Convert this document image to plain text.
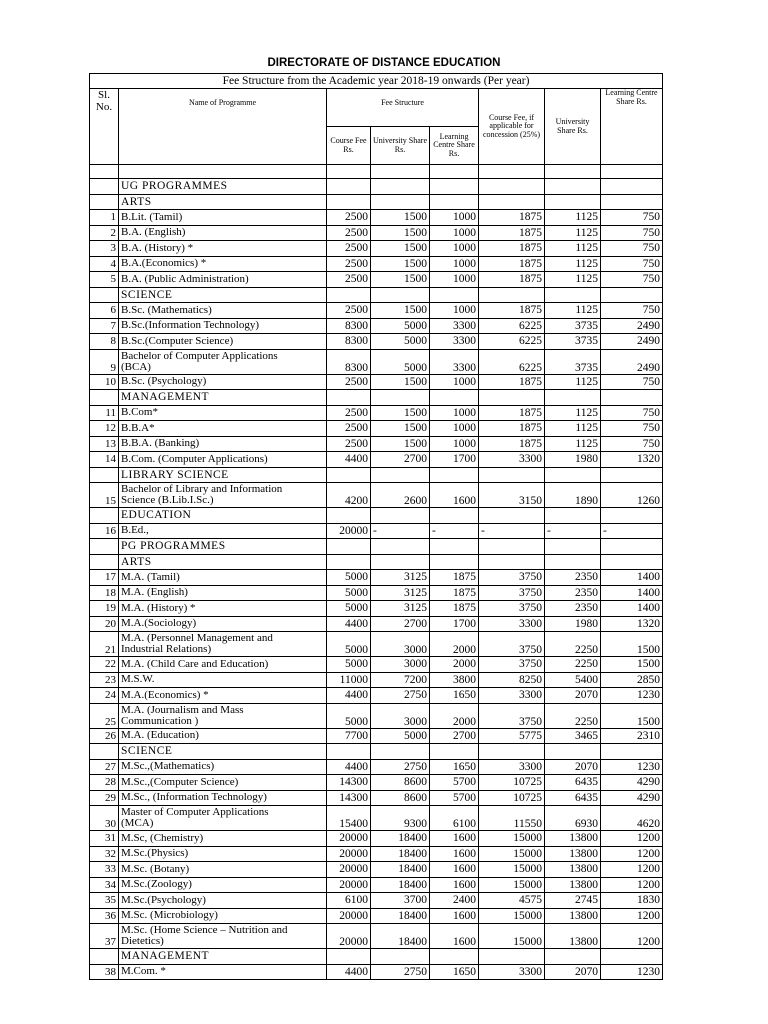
DIRECTORATE OF DISTANCE EDUCATION
Fee Structure from the Academic year 2018-19 onwards (Per year)							
Sl. No.	Name of Programme	Fee Structure			Course Fee, if applicable for concession (25%)	University Share Rs.	Learning Centre Share Rs.
		Course Fee Rs.	University Share Rs.	Learning Centre Share Rs.			

	UG PROGRAMMES						
	ARTS						
1	B.Lit. (Tamil)	2500	1500	1000	1875	1125	750
2	B.A. (English)	2500	1500	1000	1875	1125	750
3	B.A. (History) *	2500	1500	1000	1875	1125	750
4	B.A.(Economics) *	2500	1500	1000	1875	1125	750
5	B.A. (Public Administration)	2500	1500	1000	1875	1125	750
	SCIENCE						
6	B.Sc. (Mathematics)	2500	1500	1000	1875	1125	750
7	B.Sc.(Information Technology)	8300	5000	3300	6225	3735	2490
8	B.Sc.(Computer Science)	8300	5000	3300	6225	3735	2490
9	Bachelor of Computer Applications
(BCA)	8300	5000	3300	6225	3735	2490
10	B.Sc. (Psychology)	2500	1500	1000	1875	1125	750
	MANAGEMENT						
11	B.Com*	2500	1500	1000	1875	1125	750
12	B.B.A*	2500	1500	1000	1875	1125	750
13	B.B.A. (Banking)	2500	1500	1000	1875	1125	750
14	B.Com. (Computer Applications)	4400	2700	1700	3300	1980	1320
	LIBRARY SCIENCE						
15	Bachelor of Library and Information
Science (B.Lib.I.Sc.)	4200	2600	1600	3150	1890	1260
	EDUCATION						
16	B.Ed.,	20000	-	-	-	-	-
	PG PROGRAMMES						
	ARTS						
17	M.A. (Tamil)	5000	3125	1875	3750	2350	1400
18	M.A. (English)	5000	3125	1875	3750	2350	1400
19	M.A. (History) *	5000	3125	1875	3750	2350	1400
20	M.A.(Sociology)	4400	2700	1700	3300	1980	1320
21	M.A. (Personnel Management and
Industrial Relations)	5000	3000	2000	3750	2250	1500
22	M.A. (Child Care and Education)	5000	3000	2000	3750	2250	1500
23	M.S.W.	11000	7200	3800	8250	5400	2850
24	M.A.(Economics) *	4400	2750	1650	3300	2070	1230
25	M.A. (Journalism and Mass
Communication )	5000	3000	2000	3750	2250	1500
26	M.A. (Education)	7700	5000	2700	5775	3465	2310
	SCIENCE						
27	M.Sc.,(Mathematics)	4400	2750	1650	3300	2070	1230
28	M.Sc.,(Computer Science)	14300	8600	5700	10725	6435	4290
29	M.Sc., (Information Technology)	14300	8600	5700	10725	6435	4290
30	Master of Computer Applications
(MCA)	15400	9300	6100	11550	6930	4620
31	M.Sc, (Chemistry)	20000	18400	1600	15000	13800	1200
32	M.Sc.(Physics)	20000	18400	1600	15000	13800	1200
33	M.Sc. (Botany)	20000	18400	1600	15000	13800	1200
34	M.Sc.(Zoology)	20000	18400	1600	15000	13800	1200
35	M.Sc.(Psychology)	6100	3700	2400	4575	2745	1830
36	M.Sc. (Microbiology)	20000	18400	1600	15000	13800	1200
37	M.Sc. (Home Science – Nutrition and
Dietetics)	20000	18400	1600	15000	13800	1200
	MANAGEMENT						
38	M.Com. *	4400	2750	1650	3300	2070	1230
